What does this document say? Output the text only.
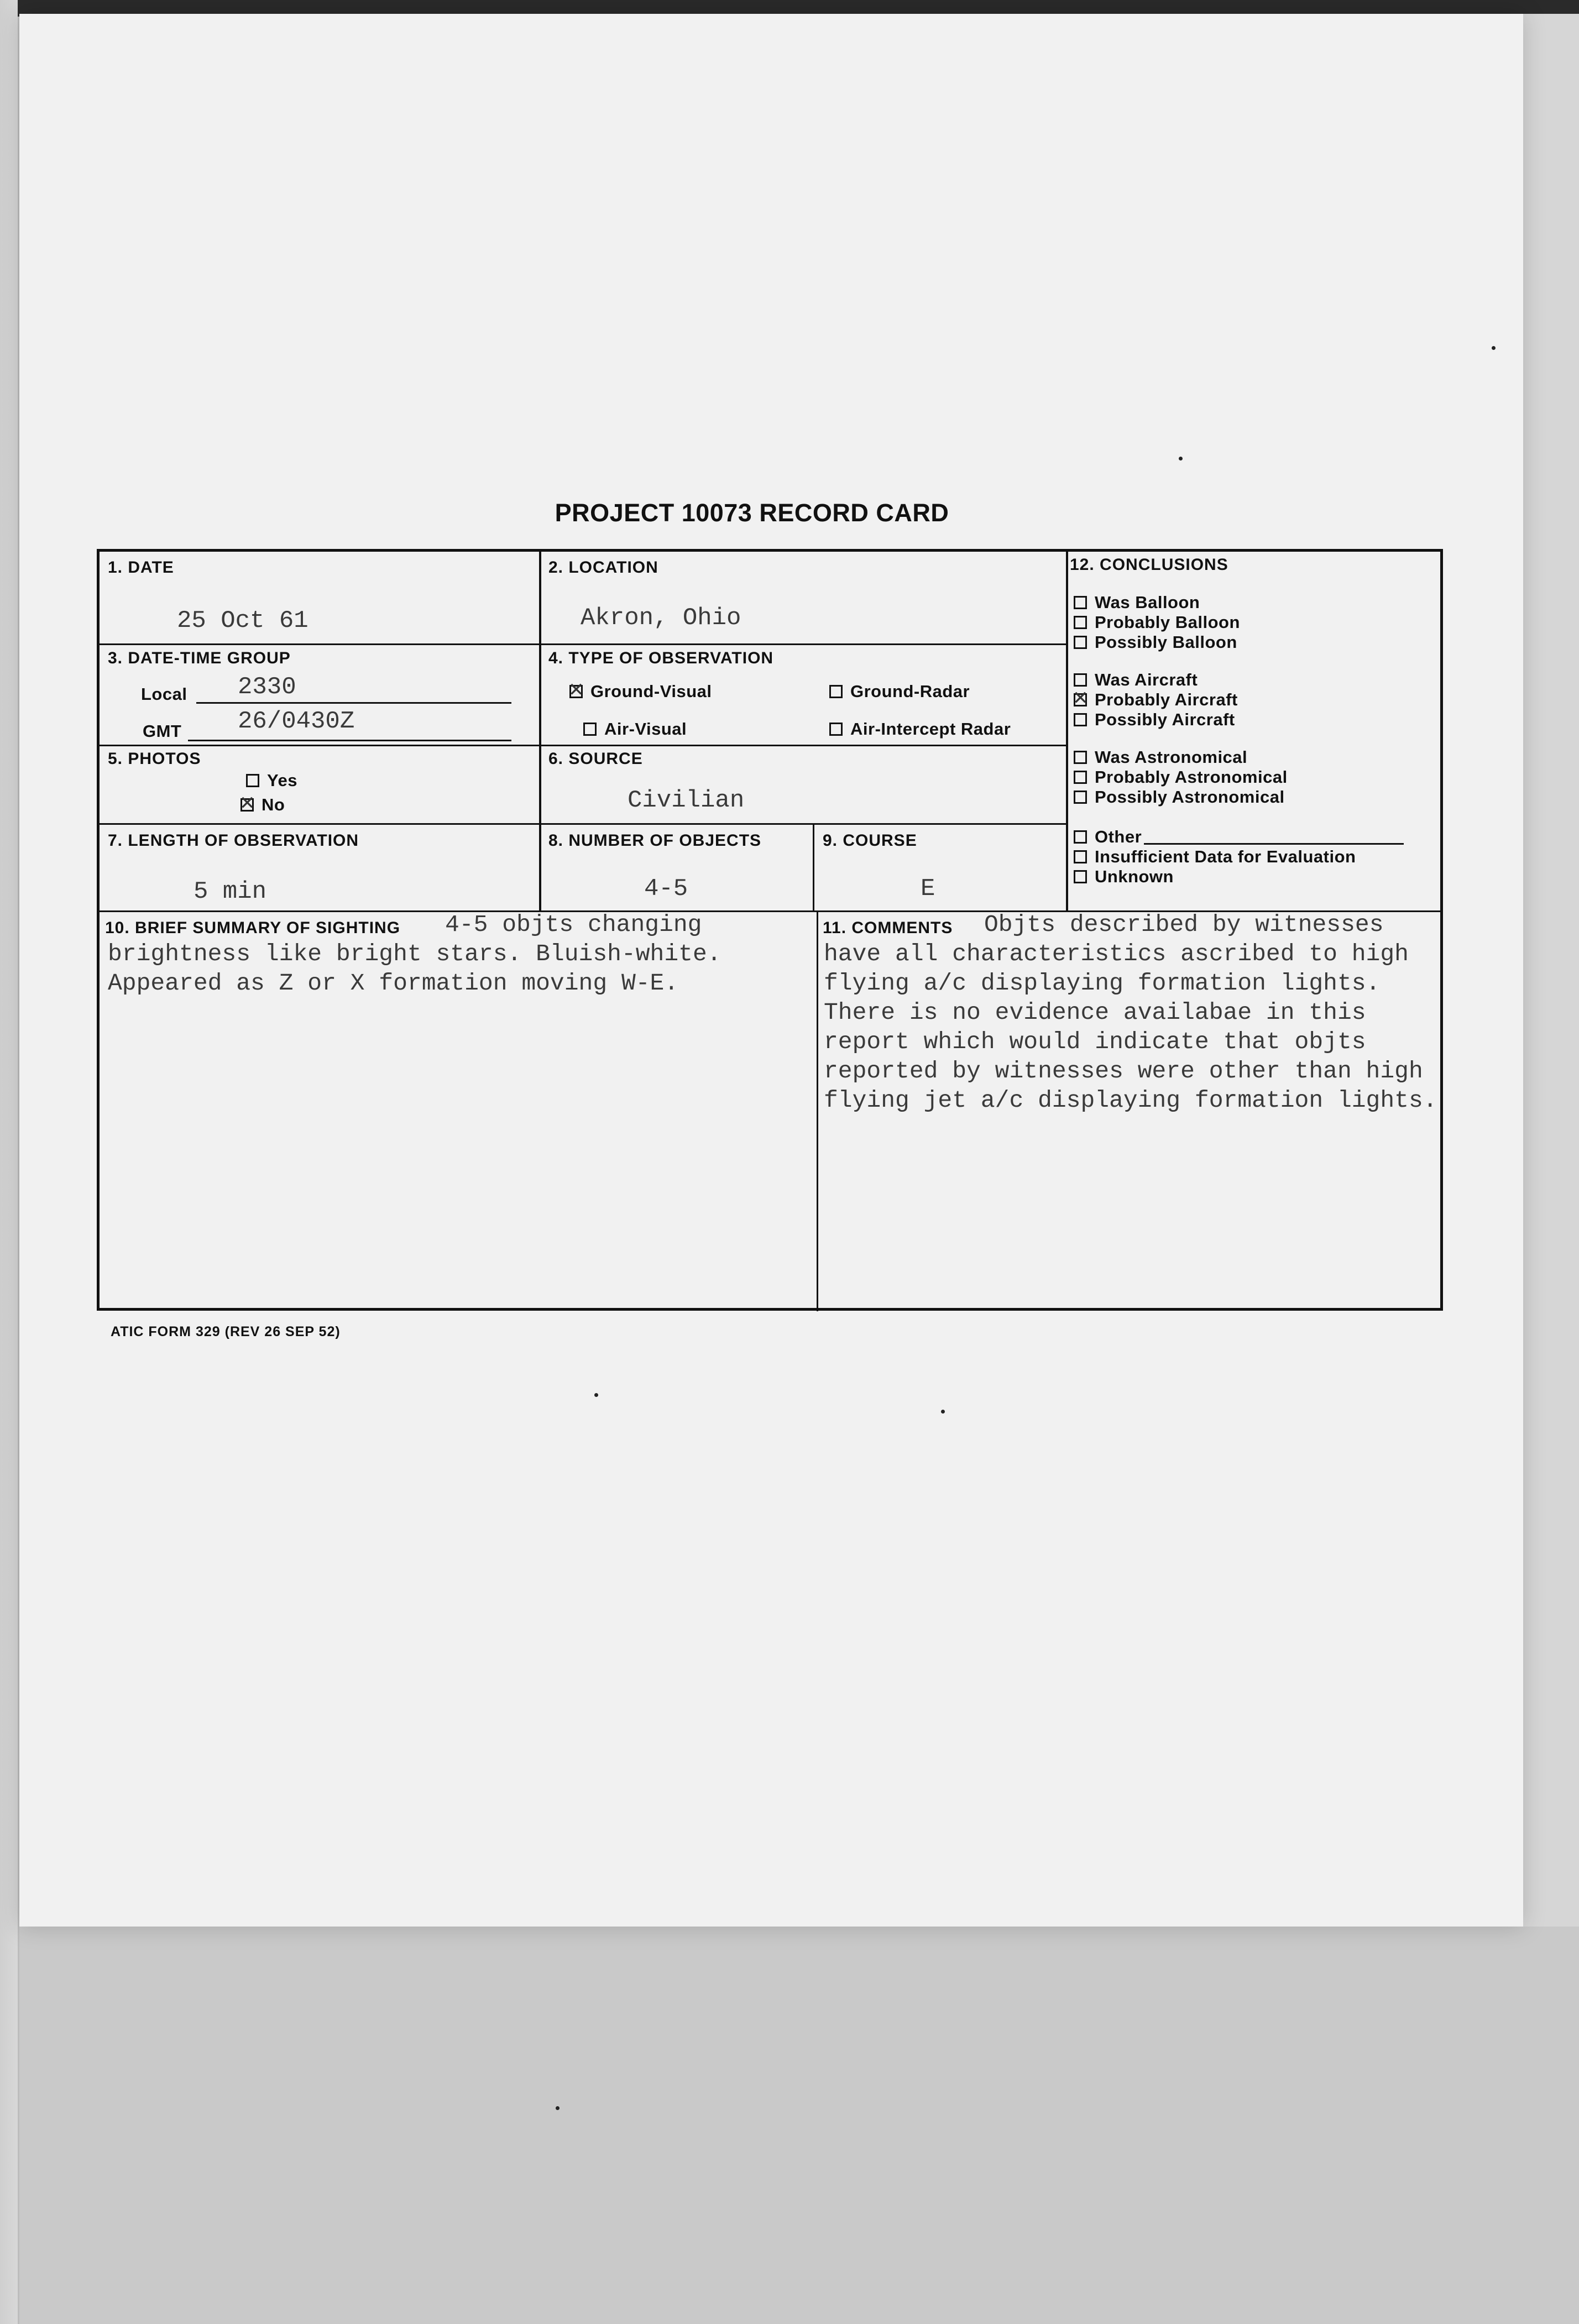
PROJECT 10073 RECORD CARD
1. DATE
25 Oct 61
2. LOCATION
Akron, Ohio
3. DATE-TIME GROUP
Local 2330
GMT 26/0430Z
4. TYPE OF OBSERVATION
✕
Ground-Visual	Ground-Radar
Air-Visual	Air-Intercept Radar
5. PHOTOS
Yes
✕
No
6. SOURCE
Civilian
7. LENGTH OF OBSERVATION
5 min
8. NUMBER OF OBJECTS
4-5
9. COURSE
E
10. BRIEF SUMMARY OF SIGHTING 4-5 objts changing
brightness like bright stars. Bluish-white.
Appeared as Z or X formation moving W-E.
11. COMMENTS Objts described by witnesses
have all characteristics ascribed to high
flying a/c displaying formation lights.
There is no evidence availabae in this
report which would indicate that objts
reported by witnesses were other than high
flying jet a/c displaying formation lights.
12. CONCLUSIONS
Was Balloon
Probably Balloon
Possibly Balloon
Was Aircraft
✕
Probably Aircraft
Possibly Aircraft
Was Astronomical
Probably Astronomical
Possibly Astronomical
Other
Insufficient Data for Evaluation
Unknown
ATIC FORM 329 (REV 26 SEP 52)
